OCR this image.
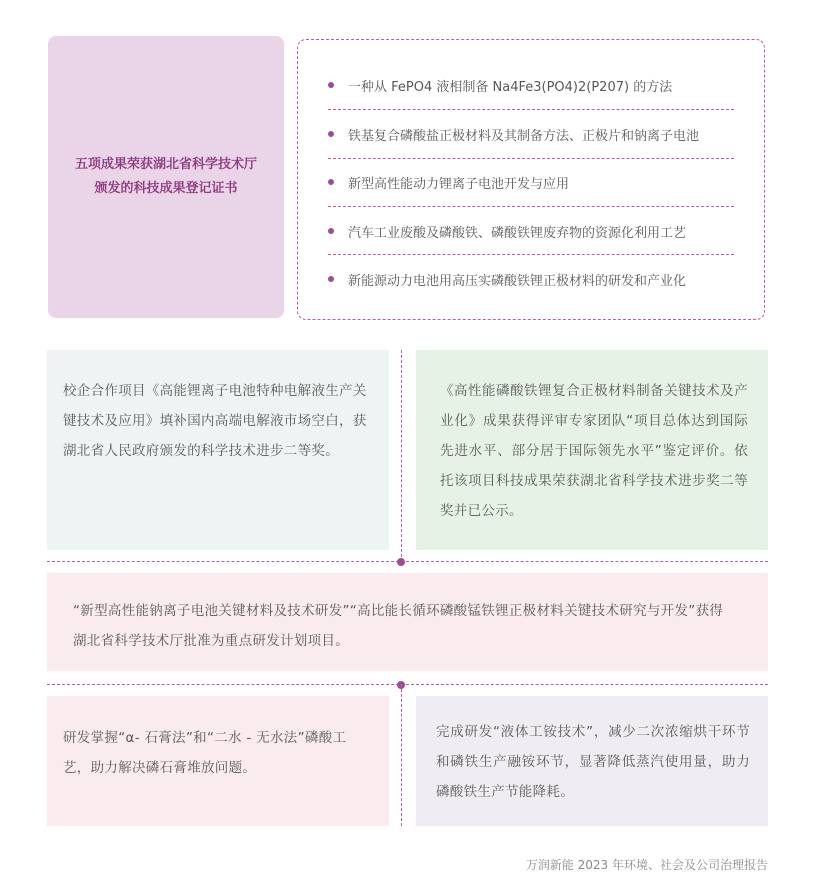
五项成果荣获湖北省科学技术厅
颁发的科技成果登记证书
一种从 FePO4 液相制备 Na4Fe3(PO4)2(P207) 的方法
铁基复合磷酸盐正极材料及其制备方法、正极片和钠离子电池
新型高性能动力锂离子电池开发与应用
汽车工业废酸及磷酸铁、磷酸铁锂废弃物的资源化利用工艺
新能源动力电池用高压实磷酸铁锂正极材料的研发和产业化
校企合作项目《高能锂离子电池特种电解液生产关键技术及应用》填补国内高端电解液市场空白，获湖北省人民政府颁发的科学技术进步二等奖。
《高性能磷酸铁锂复合正极材料制备关键技术及产业化》成果获得评审专家团队“项目总体达到国际先进水平、部分居于国际领先水平”鉴定评价。依托该项目科技成果荣获湖北省科学技术进步奖二等奖并已公示。
“新型高性能钠离子电池关键材料及技术研发”“高比能长循环磷酸锰铁锂正极材料关键技术研究与开发”获得湖北省科学技术厅批准为重点研发计划项目。
研发掌握“α- 石膏法”和“二水 - 无水法”磷酸工艺，助力解决磷石膏堆放问题。
完成研发“液体工铵技术”，减少二次浓缩烘干环节和磷铁生产融铵环节，显著降低蒸汽使用量，助力磷酸铁生产节能降耗。
万润新能 2023 年环境、社会及公司治理报告
